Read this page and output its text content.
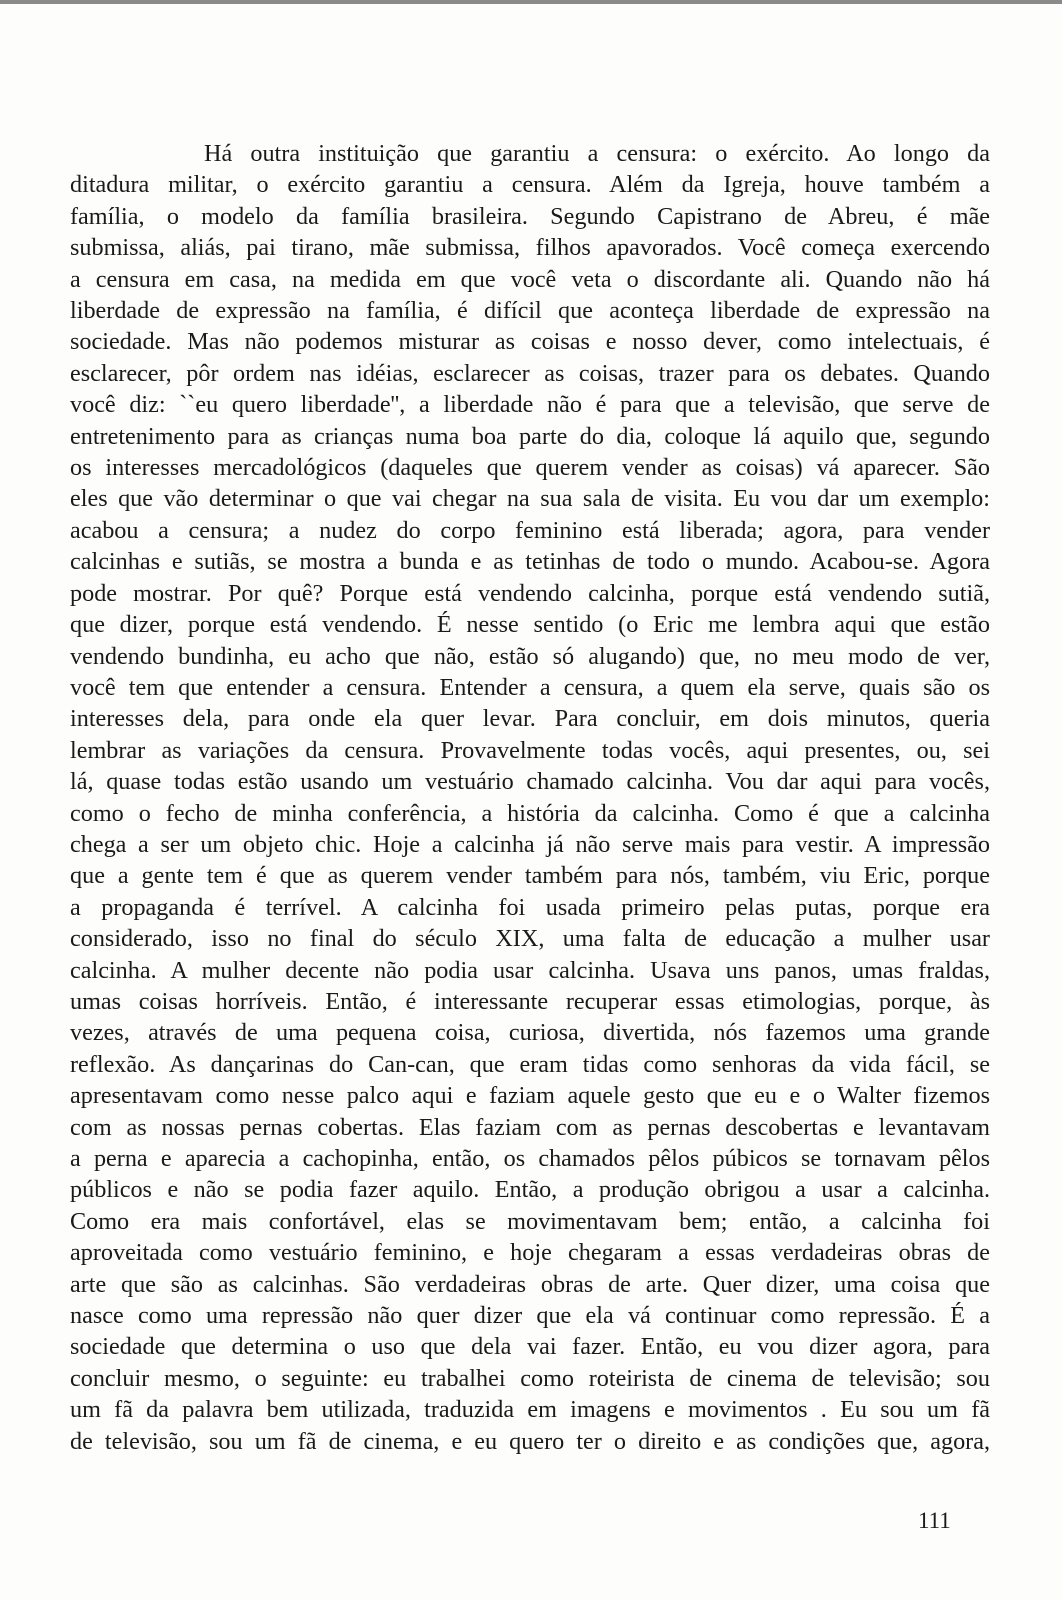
Há outra instituição que garantiu a censura: o exército. Ao longo da
ditadura militar, o exército garantiu a censura. Além da Igreja, houve também a
família, o modelo da família brasileira. Segundo Capistrano de Abreu, é mãe
submissa, aliás, pai tirano, mãe submissa, filhos apavorados. Você começa exercendo
a censura em casa, na medida em que você veta o discordante ali. Quando não há
liberdade de expressão na família, é difícil que aconteça liberdade de expressão na
sociedade. Mas não podemos misturar as coisas e nosso dever, como intelectuais, é
esclarecer, pôr ordem nas idéias, esclarecer as coisas, trazer para os debates. Quando
você diz: ``eu quero liberdade'', a liberdade não é para que a televisão, que serve de
entretenimento para as crianças numa boa parte do dia, coloque lá aquilo que, segundo
os interesses mercadológicos (daqueles que querem vender as coisas) vá aparecer. São
eles que vão determinar o que vai chegar na sua sala de visita. Eu vou dar um exemplo:
acabou a censura; a nudez do corpo feminino está liberada; agora, para vender
calcinhas e sutiãs, se mostra a bunda e as tetinhas de todo o mundo. Acabou-se. Agora
pode mostrar. Por quê? Porque está vendendo calcinha, porque está vendendo sutiã,
que dizer, porque está vendendo. É nesse sentido (o Eric me lembra aqui que estão
vendendo bundinha, eu acho que não, estão só alugando) que, no meu modo de ver,
você tem que entender a censura. Entender a censura, a quem ela serve, quais são os
interesses dela, para onde ela quer levar. Para concluir, em dois minutos, queria
lembrar as variações da censura. Provavelmente todas vocês, aqui presentes, ou, sei
lá, quase todas estão usando um vestuário chamado calcinha. Vou dar aqui para vocês,
como o fecho de minha conferência, a história da calcinha. Como é que a calcinha
chega a ser um objeto chic. Hoje a calcinha já não serve mais para vestir. A impressão
que a gente tem é que as querem vender também para nós, também, viu Eric, porque
a propaganda é terrível. A calcinha foi usada primeiro pelas putas, porque era
considerado, isso no final do século XIX, uma falta de educação a mulher usar
calcinha. A mulher decente não podia usar calcinha. Usava uns panos, umas fraldas,
umas coisas horríveis. Então, é interessante recuperar essas etimologias, porque, às
vezes, através de uma pequena coisa, curiosa, divertida, nós fazemos uma grande
reflexão. As dançarinas do Can-can, que eram tidas como senhoras da vida fácil, se
apresentavam como nesse palco aqui e faziam aquele gesto que eu e o Walter fizemos
com as nossas pernas cobertas. Elas faziam com as pernas descobertas e levantavam
a perna e aparecia a cachopinha, então, os chamados pêlos púbicos se tornavam pêlos
públicos e não se podia fazer aquilo. Então, a produção obrigou a usar a calcinha.
Como era mais confortável, elas se movimentavam bem; então, a calcinha foi
aproveitada como vestuário feminino, e hoje chegaram a essas verdadeiras obras de
arte que são as calcinhas. São verdadeiras obras de arte. Quer dizer, uma coisa que
nasce como uma repressão não quer dizer que ela vá continuar como repressão. É a
sociedade que determina o uso que dela vai fazer. Então, eu vou dizer agora, para
concluir mesmo, o seguinte: eu trabalhei como roteirista de cinema de televisão; sou
um fã da palavra bem utilizada, traduzida em imagens e movimentos . Eu sou um fã
de televisão, sou um fã de cinema, e eu quero ter o direito e as condições que, agora,
111
